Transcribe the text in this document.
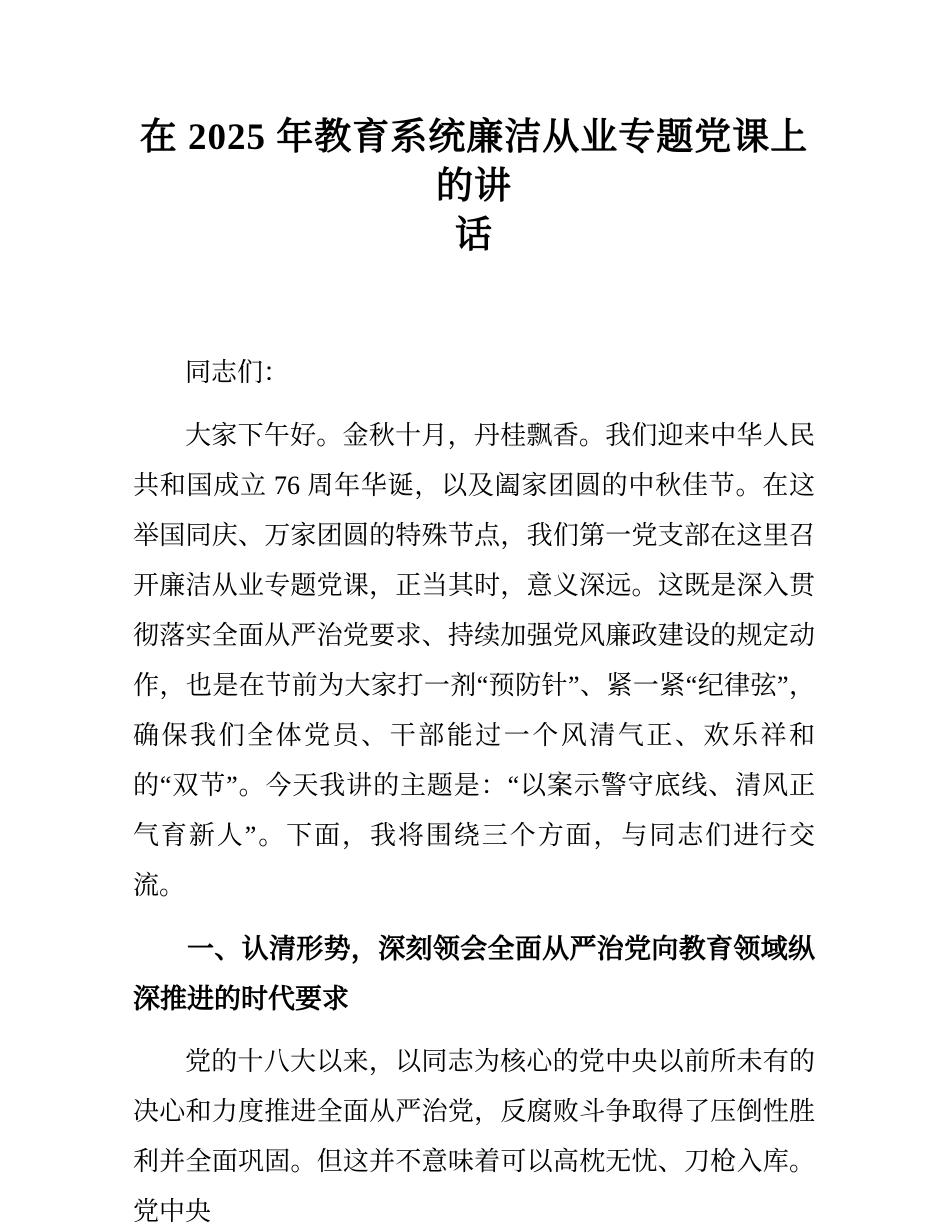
在 2025 年教育系统廉洁从业专题党课上的讲
话

同志们：

大家下午好。金秋十月，丹桂飘香。我们迎来中华人民共和国成立 76 周年华诞，以及阖家团圆的中秋佳节。在这举国同庆、万家团圆的特殊节点，我们第一党支部在这里召开廉洁从业专题党课，正当其时，意义深远。这既是深入贯彻落实全面从严治党要求、持续加强党风廉政建设的规定动作，也是在节前为大家打一剂“预防针”、紧一紧“纪律弦”，确保我们全体党员、干部能过一个风清气正、欢乐祥和的“双节”。今天我讲的主题是：“以案示警守底线、清风正气育新人”。下面，我将围绕三个方面，与同志们进行交流。

一、认清形势，深刻领会全面从严治党向教育领域纵深推进的时代要求

党的十八大以来，以同志为核心的党中央以前所未有的决心和力度推进全面从严治党，反腐败斗争取得了压倒性胜利并全面巩固。但这并不意味着可以高枕无忧、刀枪入库。党中央
